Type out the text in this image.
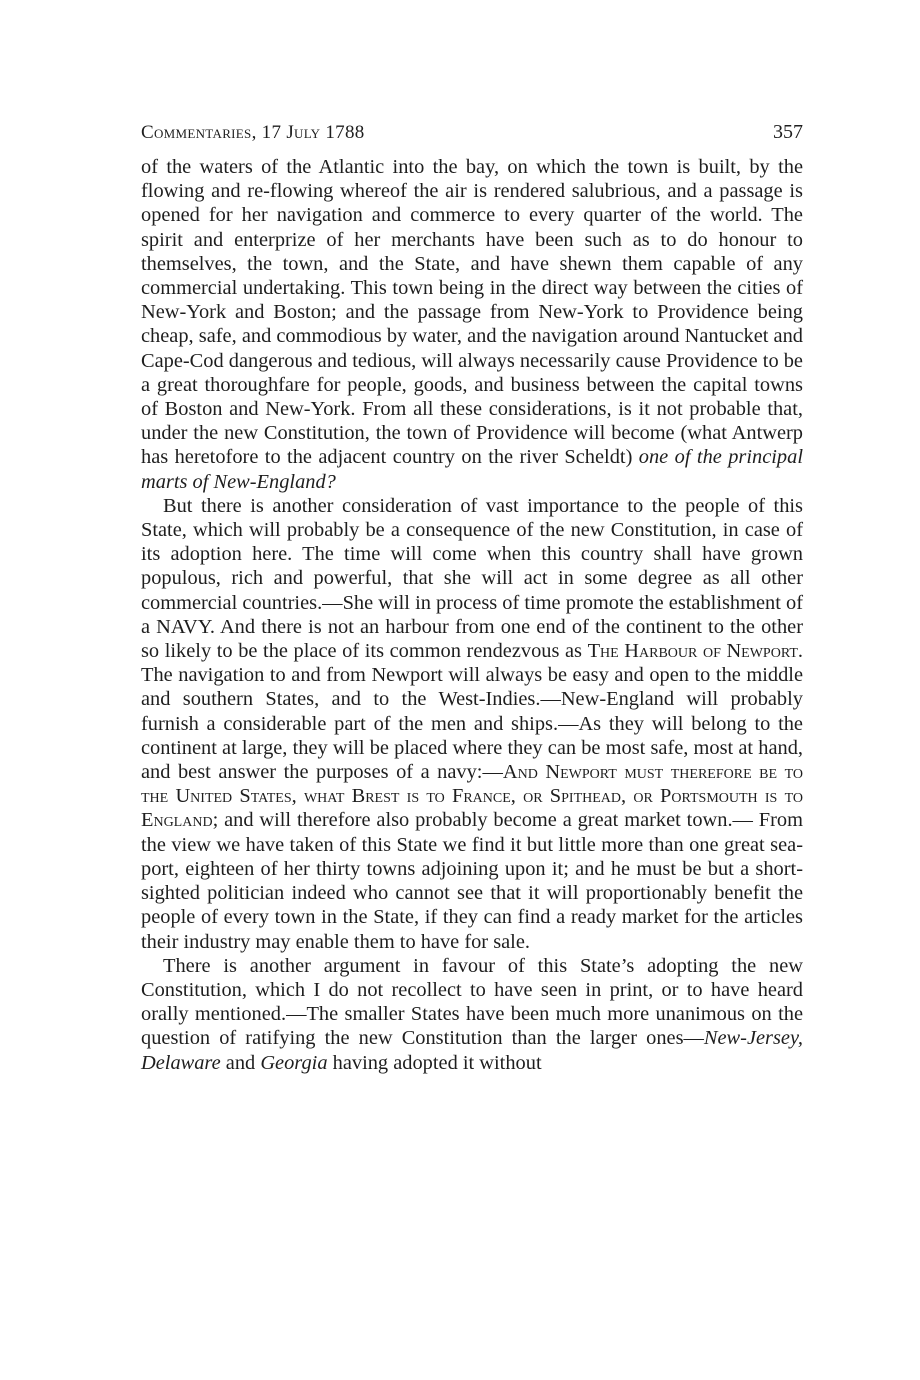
Commentaries, 17 July 1788	357

of the waters of the Atlantic into the bay, on which the town is built, by the flowing and re-flowing whereof the air is rendered salubrious, and a passage is opened for her navigation and commerce to every quarter of the world. The spirit and enterprize of her merchants have been such as to do honour to themselves, the town, and the State, and have shewn them capable of any commercial undertaking. This town being in the direct way between the cities of New-York and Boston; and the passage from New-York to Providence being cheap, safe, and commodious by water, and the navigation around Nantucket and Cape-Cod dangerous and tedious, will always necessarily cause Providence to be a great thoroughfare for people, goods, and business between the capital towns of Boston and New-York. From all these considerations, is it not probable that, under the new Constitution, the town of Providence will become (what Antwerp has heretofore to the adjacent country on the river Scheldt) one of the principal marts of New-England?

But there is another consideration of vast importance to the people of this State, which will probably be a consequence of the new Constitution, in case of its adoption here. The time will come when this country shall have grown populous, rich and powerful, that she will act in some degree as all other commercial countries.—She will in process of time promote the establishment of a NAVY. And there is not an harbour from one end of the continent to the other so likely to be the place of its common rendezvous as The Harbour of Newport. The navigation to and from Newport will always be easy and open to the middle and southern States, and to the West-Indies.—New-England will probably furnish a considerable part of the men and ships.—As they will belong to the continent at large, they will be placed where they can be most safe, most at hand, and best answer the purposes of a navy:—And Newport must therefore be to the United States, what Brest is to France, or Spithead, or Portsmouth is to England; and will therefore also probably become a great market town.— From the view we have taken of this State we find it but little more than one great sea-port, eighteen of her thirty towns adjoining upon it; and he must be but a short-sighted politician indeed who cannot see that it will proportionably benefit the people of every town in the State, if they can find a ready market for the articles their industry may enable them to have for sale.

There is another argument in favour of this State’s adopting the new Constitution, which I do not recollect to have seen in print, or to have heard orally mentioned.—The smaller States have been much more unanimous on the question of ratifying the new Constitution than the larger ones—New-Jersey, Delaware and Georgia having adopted it without
